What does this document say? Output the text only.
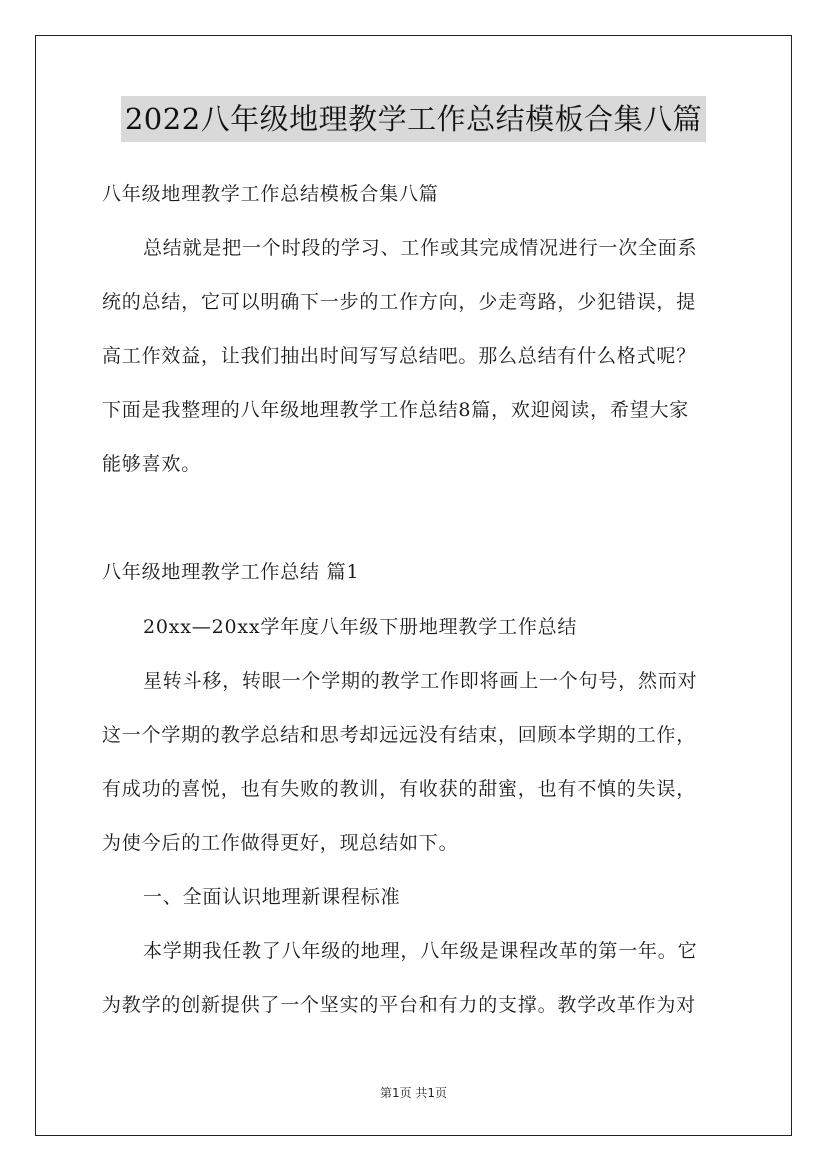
2022八年级地理教学工作总结模板合集八篇
八年级地理教学工作总结模板合集八篇
总结就是把一个时段的学习、工作或其完成情况进行一次全面系
统的总结，它可以明确下一步的工作方向，少走弯路，少犯错误，提
高工作效益，让我们抽出时间写写总结吧。那么总结有什么格式呢？
下面是我整理的八年级地理教学工作总结8篇，欢迎阅读，希望大家
能够喜欢。
八年级地理教学工作总结 篇1
20xx—20xx学年度八年级下册地理教学工作总结
星转斗移，转眼一个学期的教学工作即将画上一个句号，然而对
这一个学期的教学总结和思考却远远没有结束，回顾本学期的工作，
有成功的喜悦，也有失败的教训，有收获的甜蜜，也有不慎的失误，
为使今后的工作做得更好，现总结如下。
一、全面认识地理新课程标准
本学期我任教了八年级的地理，八年级是课程改革的第一年。它
为教学的创新提供了一个坚实的平台和有力的支撑。教学改革作为对
第1页 共1页
